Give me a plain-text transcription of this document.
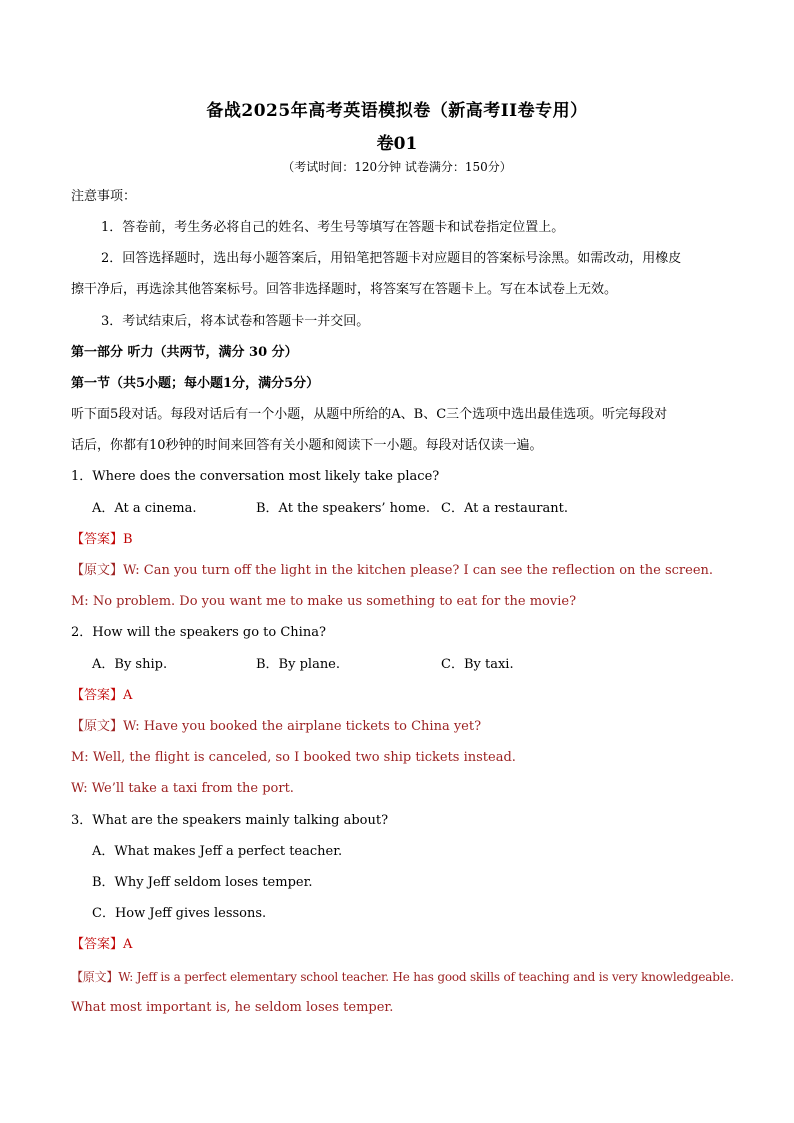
备战2025年高考英语模拟卷（新高考II卷专用）
卷01
（考试时间：120分钟 试卷满分：150分）
注意事项：
1．答卷前，考生务必将自己的姓名、考生号等填写在答题卡和试卷指定位置上。
2．回答选择题时，选出每小题答案后，用铅笔把答题卡对应题目的答案标号涂黑。如需改动，用橡皮
擦干净后，再选涂其他答案标号。回答非选择题时，将答案写在答题卡上。写在本试卷上无效。
3．考试结束后，将本试卷和答题卡一并交回。
第一部分 听力（共两节，满分 30 分）
第一节（共5小题；每小题1分，满分5分）
听下面5段对话。每段对话后有一个小题，从题中所给的A、B、C三个选项中选出最佳选项。听完每段对
话后，你都有10秒钟的时间来回答有关小题和阅读下一小题。每段对话仅读一遍。
1．Where does the conversation most likely take place?
A．At a cinema.	B．At the speakers’ home. C．At a restaurant.
【答案】B
【原文】W: Can you turn off the light in the kitchen please? I can see the reflection on the screen.
M: No problem. Do you want me to make us something to eat for the movie?
2．How will the speakers go to China?
A．By ship.	B．By plane.	C．By taxi.
【答案】A
【原文】W: Have you booked the airplane tickets to China yet?
M: Well, the flight is canceled, so I booked two ship tickets instead.
W: We’ll take a taxi from the port.
3．What are the speakers mainly talking about?
A．What makes Jeff a perfect teacher.
B．Why Jeff seldom loses temper.
C．How Jeff gives lessons.
【答案】A
【原文】W: Jeff is a perfect elementary school teacher. He has good skills of teaching and is very knowledgeable.
What most important is, he seldom loses temper.
